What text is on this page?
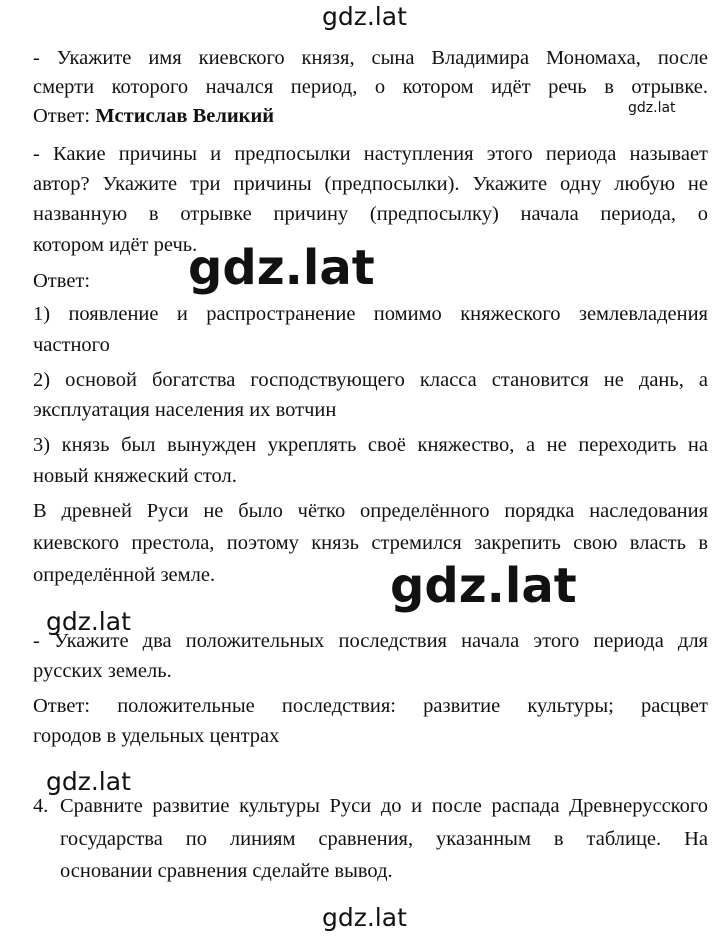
- Укажите имя киевского князя, сына Владимира Мономаха, после
смерти которого начался период, о котором идёт речь в отрывке.
Ответ: Мстислав Великий
- Какие причины и предпосылки наступления этого периода называет
автор? Укажите три причины (предпосылки). Укажите одну любую не
названную в отрывке причину (предпосылку) начала периода, о
котором идёт речь.
Ответ:
1) появление и распространение помимо княжеского землевладения
частного
2) основой богатства господствующего класса становится не дань, а
эксплуатация населения их вотчин
3) князь был вынужден укреплять своё княжество, а не переходить на
новый княжеский стол.
В древней Руси не было чётко определённого порядка наследования
киевского престола, поэтому князь стремился закрепить свою власть в
определённой земле.
- Укажите два положительных последствия начала этого периода для
русских земель.
Ответ: положительные последствия: развитие культуры; расцвет
городов в удельных центрах
4. Сравните развитие культуры Руси до и после распада Древнерусского
государства по линиям сравнения, указанным в таблице. На
основании сравнения сделайте вывод.
gdz.lat
gdz.lat
gdz.lat
gdz.lat
gdz.lat
gdz.lat
gdz.lat
